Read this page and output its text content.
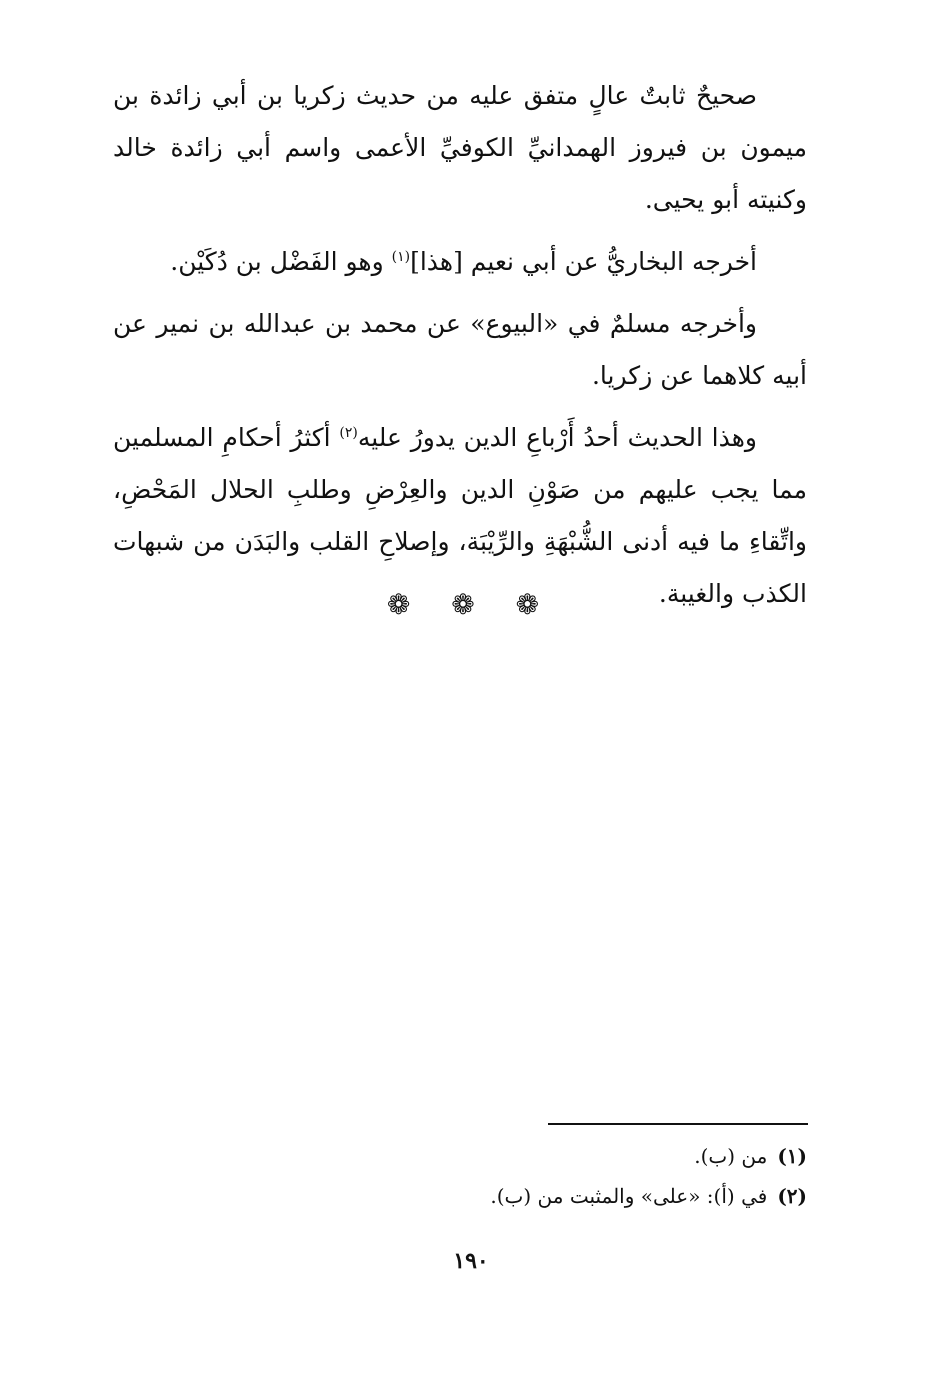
صحيحٌ ثابتٌ عالٍ متفق عليه من حديث زكريا بن أبي زائدة بن ميمون بن فيروز الهمدانيِّ الكوفيِّ الأعمى واسم أبي زائدة خالد وكنيته أبو يحيى.

أخرجه البخاريُّ عن أبي نعيم [هذا]$^{(١)}$ وهو الفَضْل بن دُكَيْن.

وأخرجه مسلمٌ في «البيوع» عن محمد بن عبدالله بن نمير عن أبيه كلاهما عن زكريا.

وهذا الحديث أحدُ أَرْباعِ الدين يدورُ عليه$^{(٢)}$ أكثرُ أحكامِ المسلمين مما يجب عليهم من صَوْنِ الدين والعِرْضِ وطلبِ الحلال المَحْضِ، واتِّقاءِ ما فيه أدنى الشُّبْهَةِ والرِّيْبَة، وإصلاحِ القلب والبَدَن من شبهات الكذب والغيبة.

❁ ❁ ❁

(١)من (ب).

(٢)في (أ): «على» والمثبت من (ب).

١٩٠
